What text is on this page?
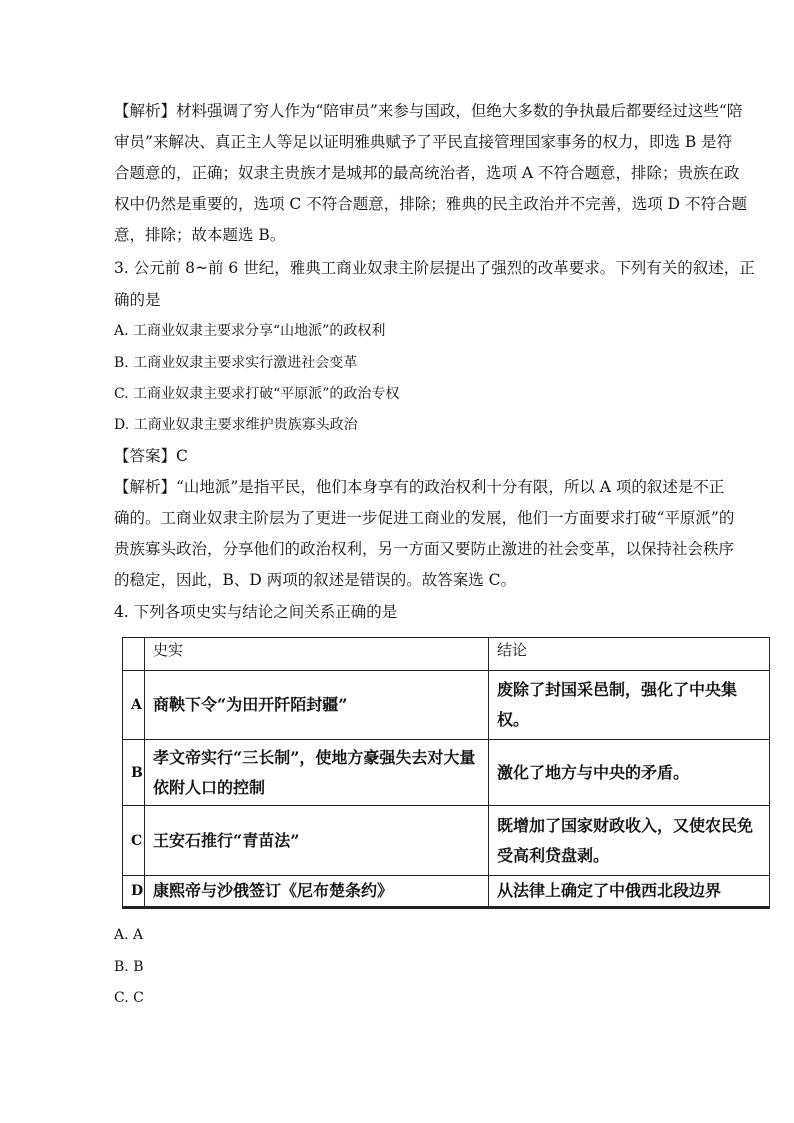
【解析】材料强调了穷人作为“陪审员”来参与国政，但绝大多数的争执最后都要经过这些“陪
审员”来解决、真正主人等足以证明雅典赋予了平民直接管理国家事务的权力，即选 B 是符
合题意的，正确；奴隶主贵族才是城邦的最高统治者，选项 A 不符合题意，排除；贵族在政
权中仍然是重要的，选项 C 不符合题意，排除；雅典的民主政治并不完善，选项 D 不符合题
意，排除；故本题选 B。
3. 公元前 8~前 6 世纪，雅典工商业奴隶主阶层提出了强烈的改革要求。下列有关的叙述，正
确的是
A. 工商业奴隶主要求分享“山地派”的政权利
B. 工商业奴隶主要求实行激进社会变革
C. 工商业奴隶主要求打破“平原派”的政治专权
D. 工商业奴隶主要求维护贵族寡头政治
【答案】C
【解析】“山地派”是指平民，他们本身享有的政治权利十分有限，所以 A 项的叙述是不正
确的。工商业奴隶主阶层为了更进一步促进工商业的发展，他们一方面要求打破“平原派”的
贵族寡头政治，分享他们的政治权利，另一方面又要防止激进的社会变革，以保持社会秩序
的稳定，因此，B、D 两项的叙述是错误的。故答案选 C。
4. 下列各项史实与结论之间关系正确的是
	史实	结论
A	商鞅下令“为田开阡陌封疆”	废除了封国采邑制，强化了中央集权。
B	孝文帝实行“三长制”，使地方豪强失去对大量依附人口的控制	激化了地方与中央的矛盾。
C	王安石推行“青苗法”	既增加了国家财政收入，又使农民免受高利贷盘剥。
D	康熙帝与沙俄签订《尼布楚条约》	从法律上确定了中俄西北段边界
A. A
B. B
C. C
